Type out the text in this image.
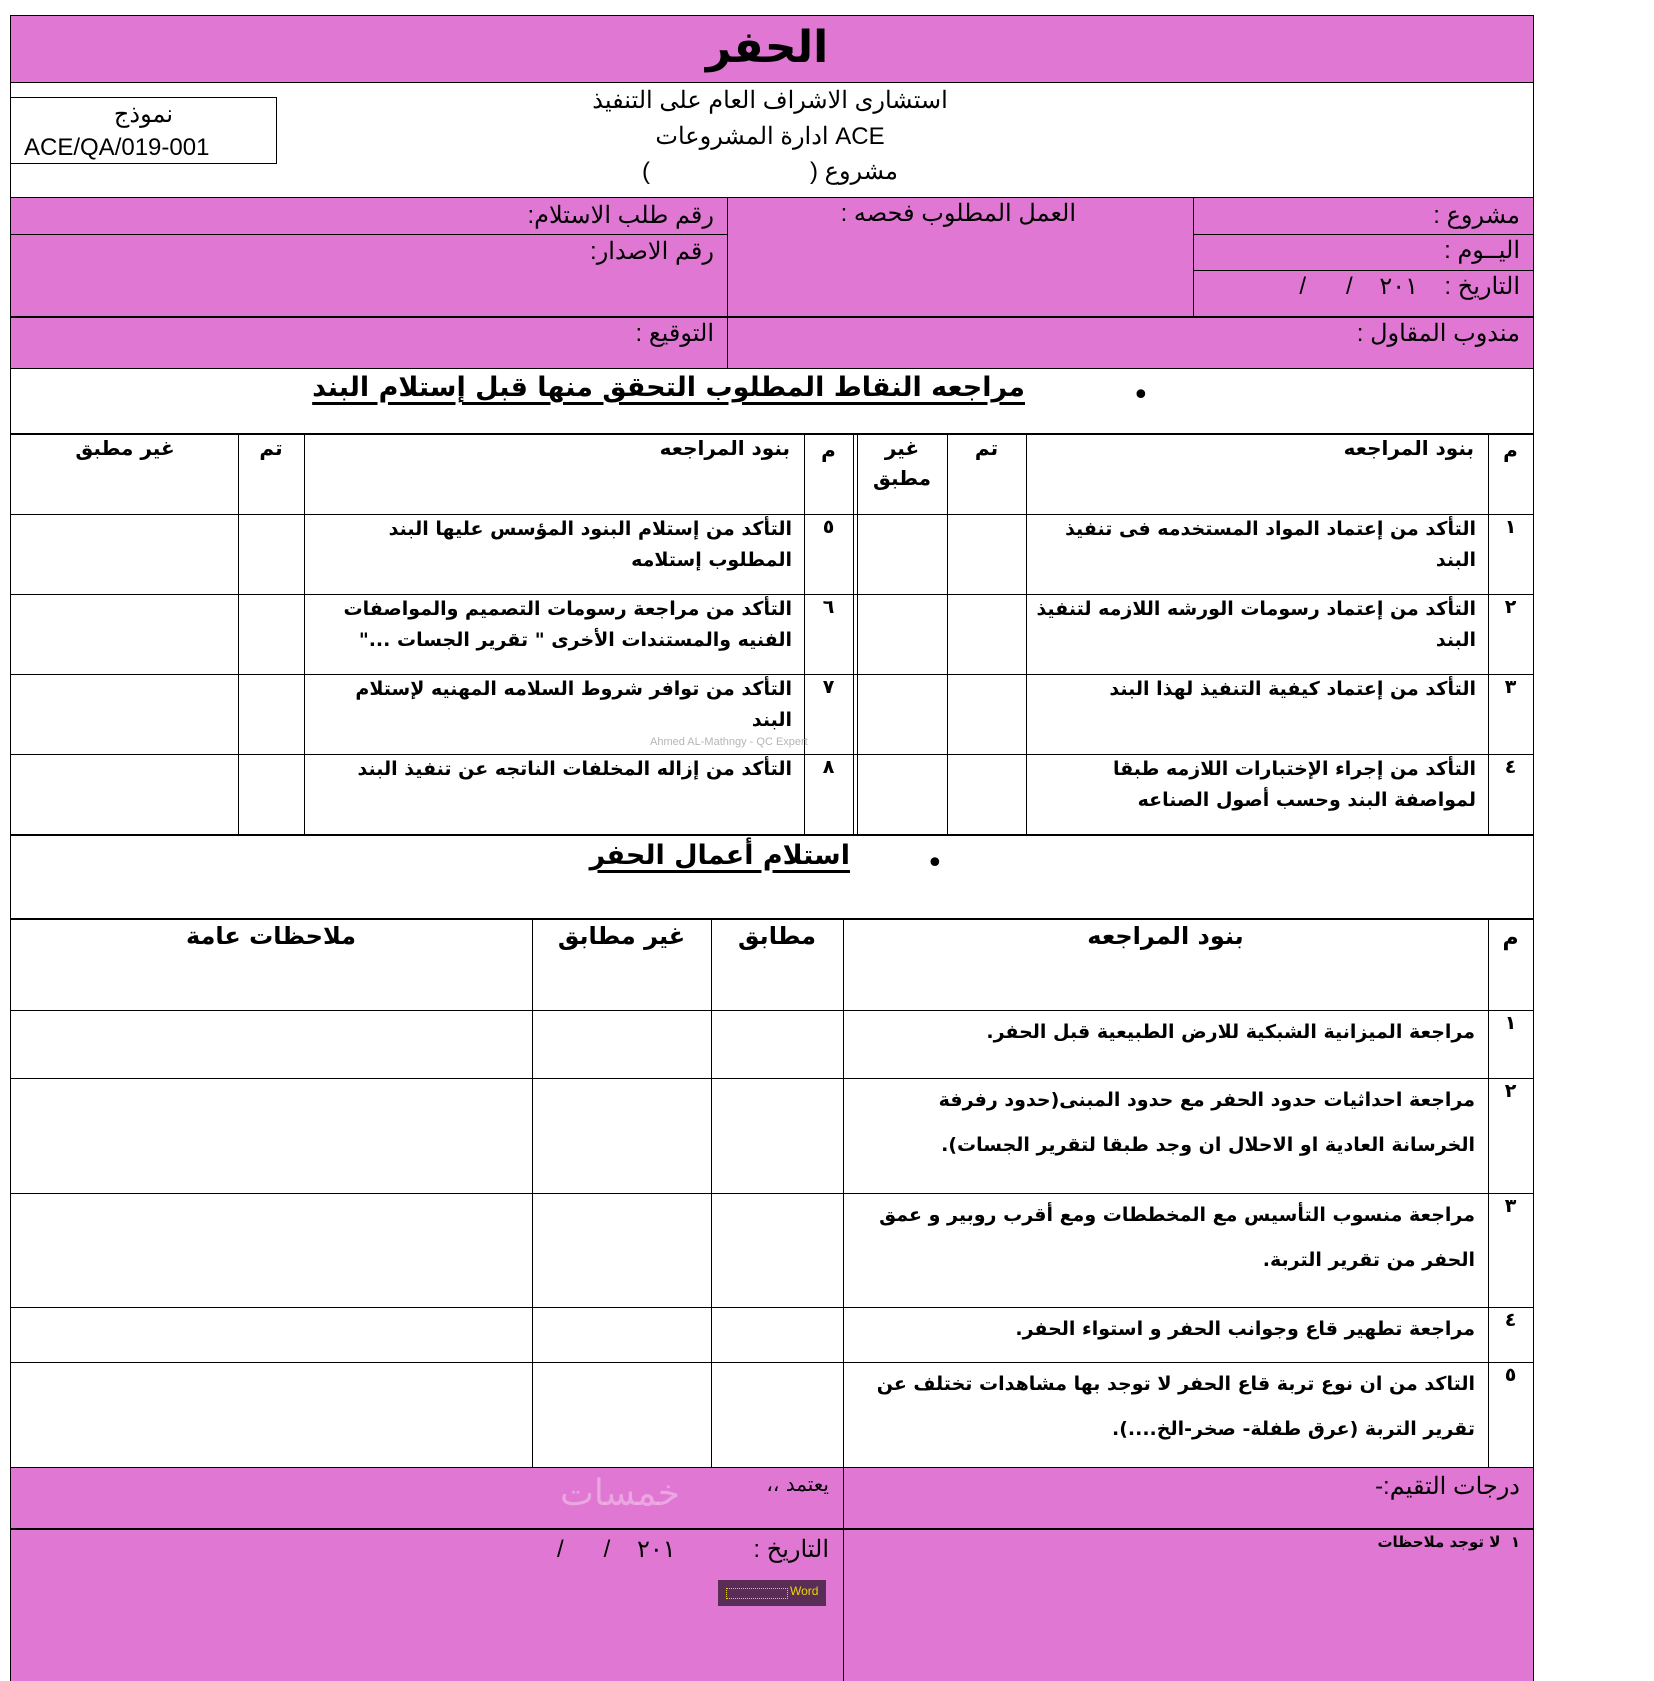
الحفر
استشارى الاشراف العام على التنفيذ
ACE ادارة المشروعات
مشروع (                        )
نموذج
ACE/QA/019-001
مشروع :
اليــوم :
التاريخ :
/      /    ٢٠١
العمل المطلوب فحصه :
رقم طلب الاستلام:
رقم الاصدار:
مندوب المقاول :
التوقيع :
•
مراجعه النقاط المطلوب التحقق منها قبل إستلام البند
م
بنود المراجعه
تم
غير
مطبق
م
بنود المراجعه
تم
غير مطبق
١
التأكد من إعتماد المواد المستخدمه فى تنفيذ البند
٢
التأكد من إعتماد رسومات الورشه اللازمه لتنفيذ البند
٣
التأكد من إعتماد كيفية التنفيذ لهذا البند
٤
التأكد من إجراء الإختبارات اللازمه طبقا لمواصفة البند وحسب أصول الصناعه
٥
التأكد من إستلام البنود المؤسس عليها البند المطلوب إستلامه
٦
التأكد من مراجعة رسومات التصميم والمواصفات الفنيه والمستندات الأخرى " تقرير الجسات ..."
٧
التأكد من توافر شروط السلامه المهنيه لإستلام البند
Ahmed AL-Mathngy - QC Expert
٨
التأكد من إزاله المخلفات الناتجه عن تنفيذ البند
•
استلام أعمال الحفر
م
بنود المراجعه
مطابق
غير مطابق
ملاحظات عامة
١
مراجعة الميزانية الشبكية للارض الطبيعية قبل الحفر.
٢
مراجعة احداثيات حدود الحفر مع حدود المبنى(حدود رفرفة الخرسانة العادية او الاحلال ان وجد طبقا لتقرير الجسات).
٣
مراجعة منسوب التأسيس مع المخططات ومع أقرب روبير و عمق الحفر من تقرير التربة.
٤
مراجعة تطهير قاع وجوانب الحفر و استواء الحفر.
٥
التاكد من ان نوع تربة قاع الحفر لا توجد بها مشاهدات تختلف عن تقرير التربة (عرق طفلة- صخر-الخ....).
درجات التقيم:-
١  لا توجد ملاحظات
يعتمد ،،
خمسات
التاريخ :
/      /    ٢٠١
Word
